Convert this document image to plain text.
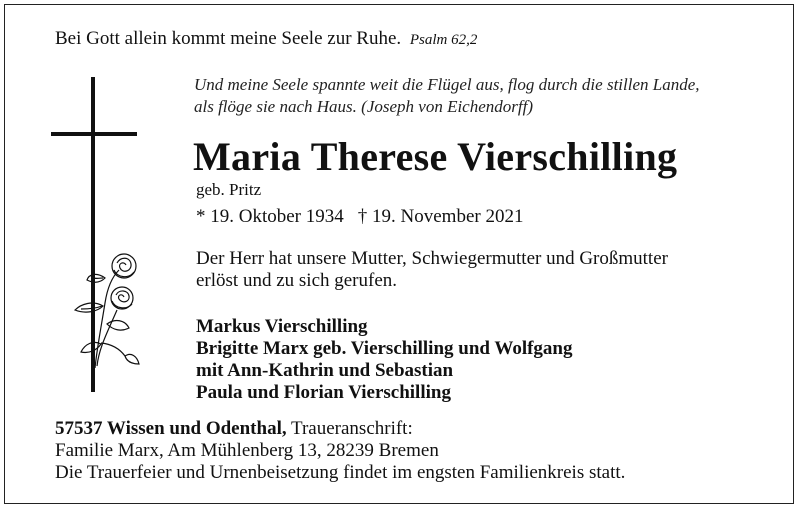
Bei Gott allein kommt meine Seele zur Ruhe. Psalm 62,2
Und meine Seele spannte weit die Flügel aus, flog durch die stillen Lande,
als flöge sie nach Haus. (Joseph von Eichendorff)
Maria Therese Vierschilling
geb. Pritz
* 19. Oktober 1934 † 19. November 2021
Der Herr hat unsere Mutter, Schwiegermutter und Großmutter
erlöst und zu sich gerufen.
Markus Vierschilling
Brigitte Marx geb. Vierschilling und Wolfgang
mit Ann-Kathrin und Sebastian
Paula und Florian Vierschilling
57537 Wissen und Odenthal, Traueranschrift:
Familie Marx, Am Mühlenberg 13, 28239 Bremen
Die Trauerfeier und Urnenbeisetzung findet im engsten Familienkreis statt.
